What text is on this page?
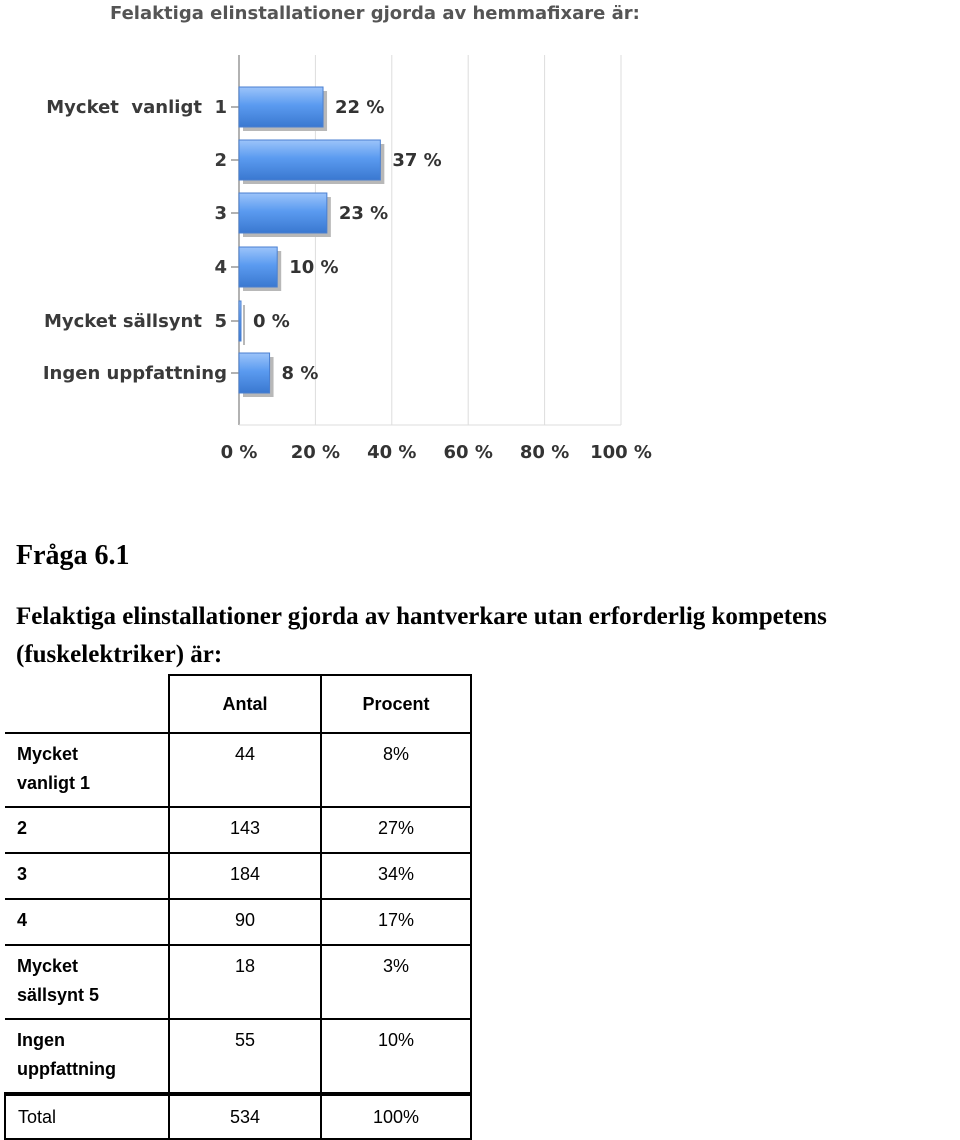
Felaktiga elinstallationer gjorda av hemmafixare är:
Mycket  vanligt  1
2
3
4
Mycket sällsynt  5
Ingen uppfattning
22 %
37 %
23 %
10 %
0 %
8 %
0 % 20 % 40 % 60 % 80 % 100 %
Fråga 6.1

Felaktiga elinstallationer gjorda av hantverkare utan erforderlig kompetens
(fuskelektriker) är:

	Antal	Procent
Mycket
vanligt 1	44	8%
2	143	27%
3	184	34%
4	90	17%
Mycket
sällsynt 5	18	3%
Ingen
uppfattning	55	10%
Total	534	100%
